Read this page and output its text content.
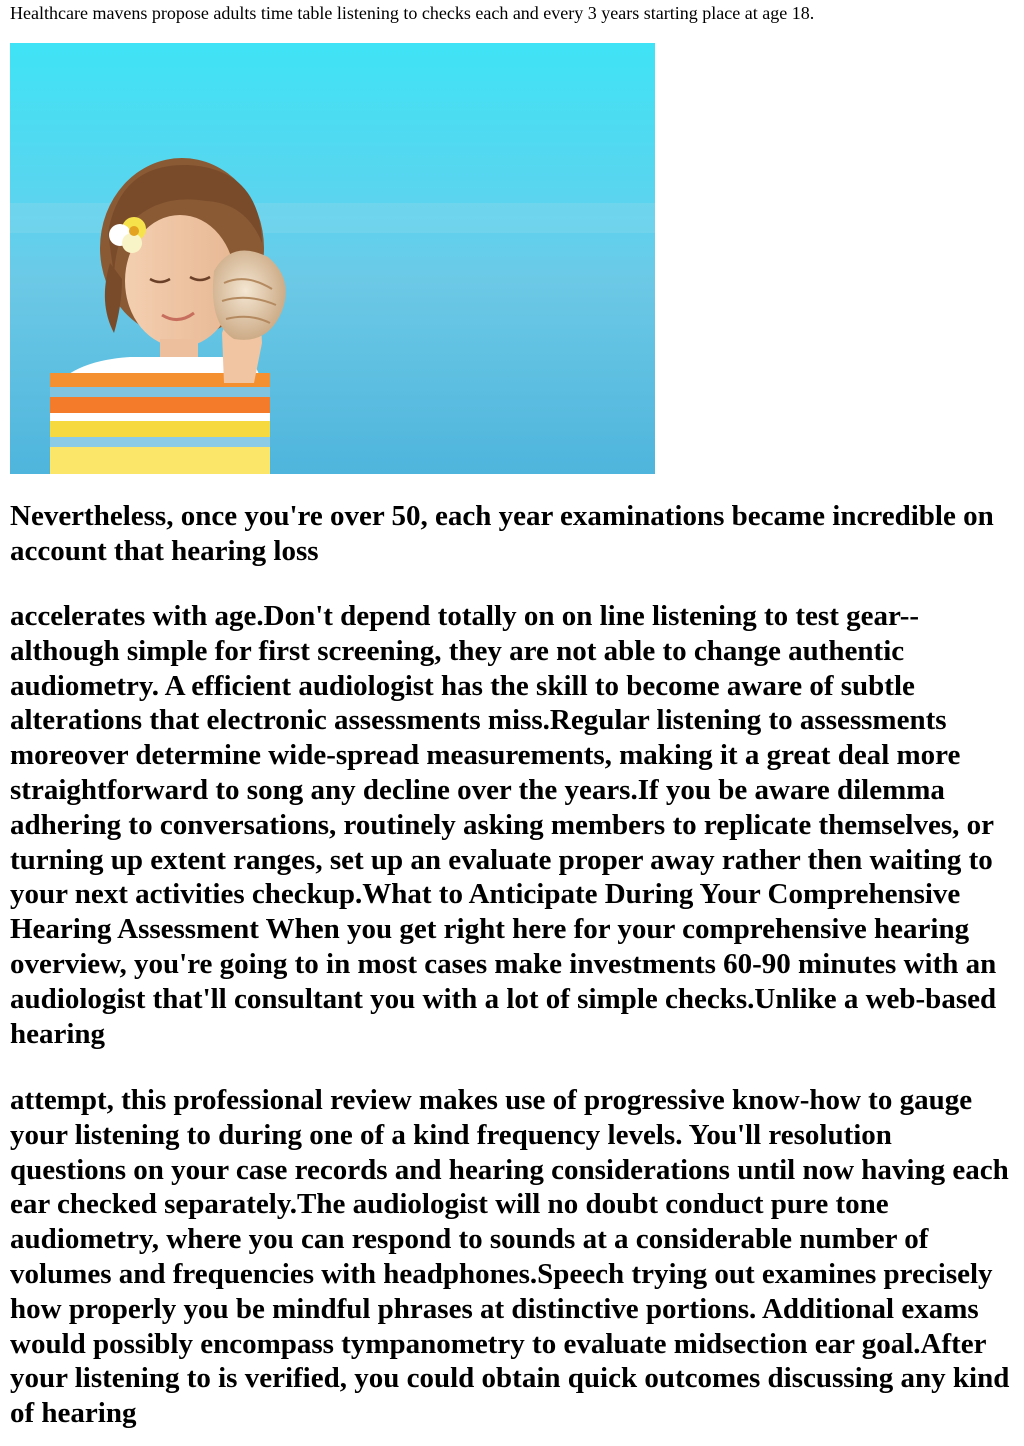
Healthcare mavens propose adults time table listening to checks each and every 3 years starting place at age 18.

Nevertheless, once you're over 50, each year examinations became incredible on account that hearing loss

accelerates with age.Don't depend totally on on line listening to test gear-- although simple for first screening, they are not able to change authentic audiometry. A efficient audiologist has the skill to become aware of subtle alterations that electronic assessments miss.Regular listening to assessments moreover determine wide-spread measurements, making it a great deal more straightforward to song any decline over the years.If you be aware dilemma adhering to conversations, routinely asking members to replicate themselves, or turning up extent ranges, set up an evaluate proper away rather then waiting to your next activities checkup.What to Anticipate During Your Comprehensive Hearing Assessment When you get right here for your comprehensive hearing overview, you're going to in most cases make investments 60-90 minutes with an audiologist that'll consultant you with a lot of simple checks.Unlike a web-based hearing

attempt, this professional review makes use of progressive know-how to gauge your listening to during one of a kind frequency levels. You'll resolution questions on your case records and hearing considerations until now having each ear checked separately.The audiologist will no doubt conduct pure tone audiometry, where you can respond to sounds at a considerable number of volumes and frequencies with headphones.Speech trying out examines precisely how properly you be mindful phrases at distinctive portions. Additional exams would possibly encompass tympanometry to evaluate midsection ear goal.After your listening to is verified, you could obtain quick outcomes discussing any kind of hearing
